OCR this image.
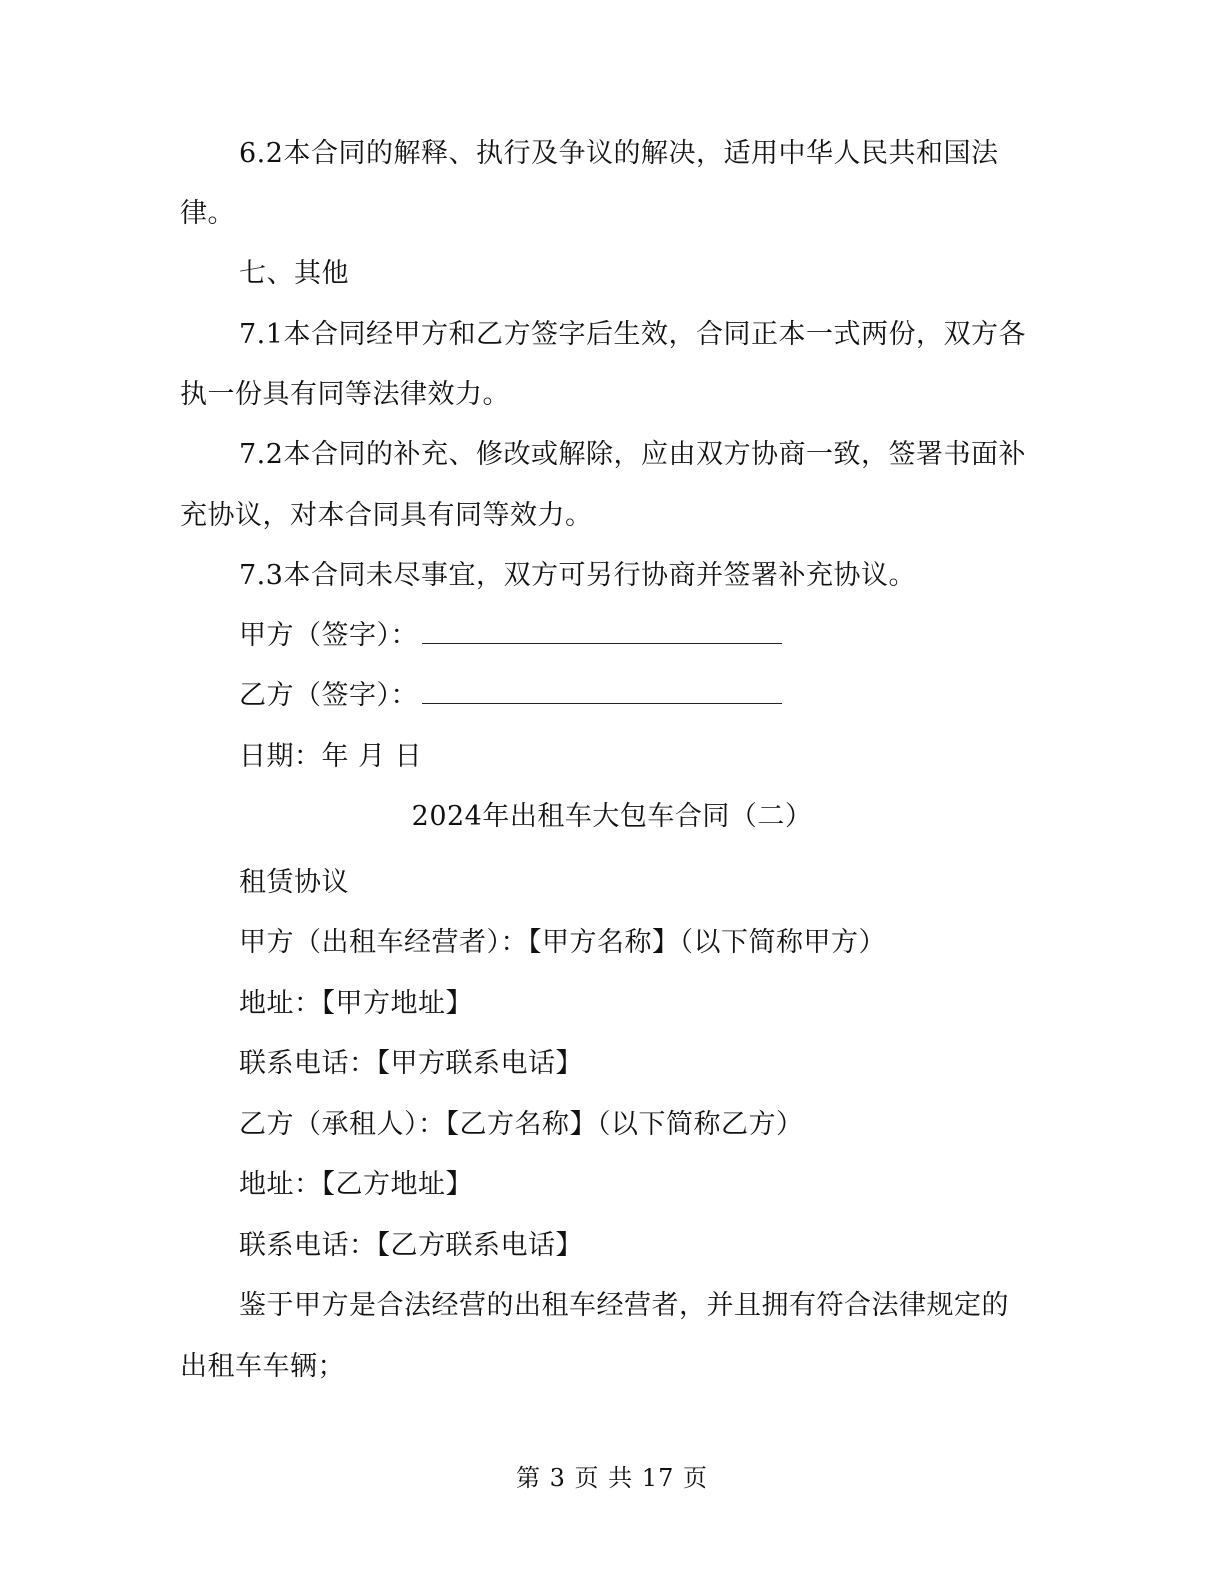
6.2本合同的解释、执行及争议的解决，适用中华人民共和国法
律。
七、其他
7.1本合同经甲方和乙方签字后生效，合同正本一式两份，双方各
执一份具有同等法律效力。
7.2本合同的补充、修改或解除，应由双方协商一致，签署书面补
充协议，对本合同具有同等效力。
7.3本合同未尽事宜，双方可另行协商并签署补充协议。
甲方（签字）：
乙方（签字）：
日期：年 月 日
2024年出租车大包车合同（二）
租赁协议
甲方（出租车经营者）：【甲方名称】（以下简称甲方）
地址：【甲方地址】
联系电话：【甲方联系电话】
乙方（承租人）：【乙方名称】（以下简称乙方）
地址：【乙方地址】
联系电话：【乙方联系电话】
鉴于甲方是合法经营的出租车经营者，并且拥有符合法律规定的
出租车车辆；
第 3 页 共 17 页
